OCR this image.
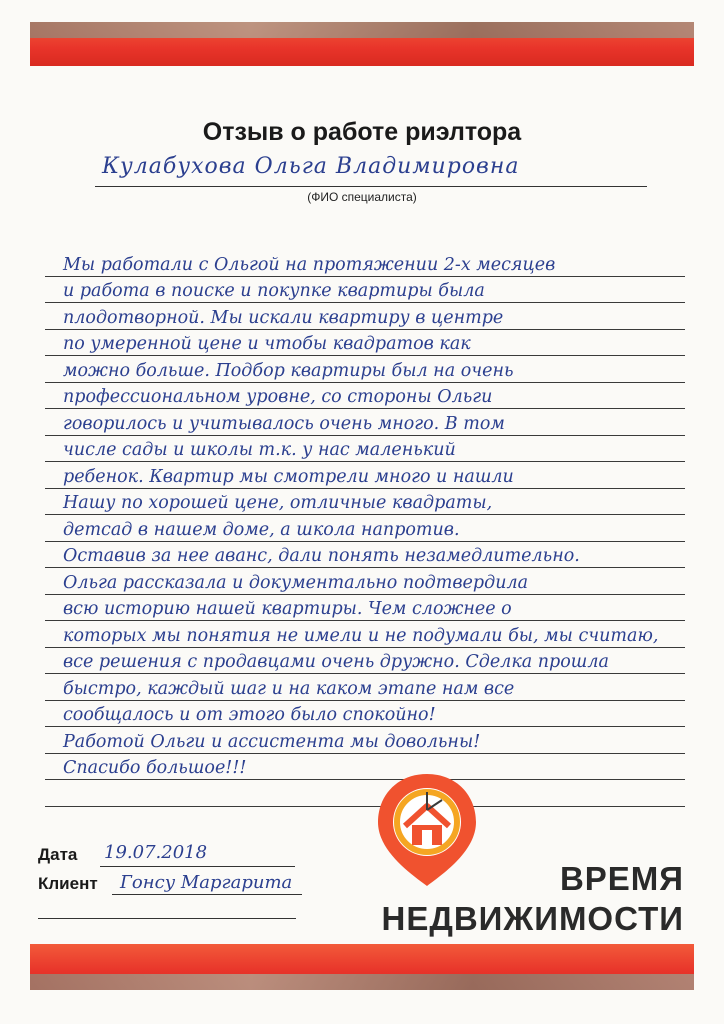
Отзыв о работе риэлтора
Кулабухова Ольга Владимировна
(ФИО специалиста)
Мы работали с Ольгой на протяжении 2-х месяцев
и работа в поиске и покупке квартиры была
плодотворной. Мы искали квартиру в центре
по умеренной цене и чтобы квадратов как
можно больше. Подбор квартиры был на очень
профессиональном уровне, со стороны Ольги
говорилось и учитывалось очень много. В том
числе сады и школы т.к. у нас маленький
ребенок. Квартир мы смотрели много и нашли
Нашу по хорошей цене, отличные квадраты,
детсад в нашем доме, а школа напротив.
Оставив за нее аванс, дали понять незамедлительно.
Ольга рассказала и документально подтвердила
всю историю нашей квартиры. Чем сложнее о
которых мы понятия не имели и не подумали бы, мы считаю,
все решения с продавцами очень дружно. Сделка прошла
быстро, каждый шаг и на каком этапе нам все
сообщалось и от этого было спокойно!
Работой Ольги и ассистента мы довольны!
Спасибо большое!!!
ВРЕМЯ
НЕДВИЖИМОСТИ
Дата 19.07.2018
Клиент Гонсу Маргарита
